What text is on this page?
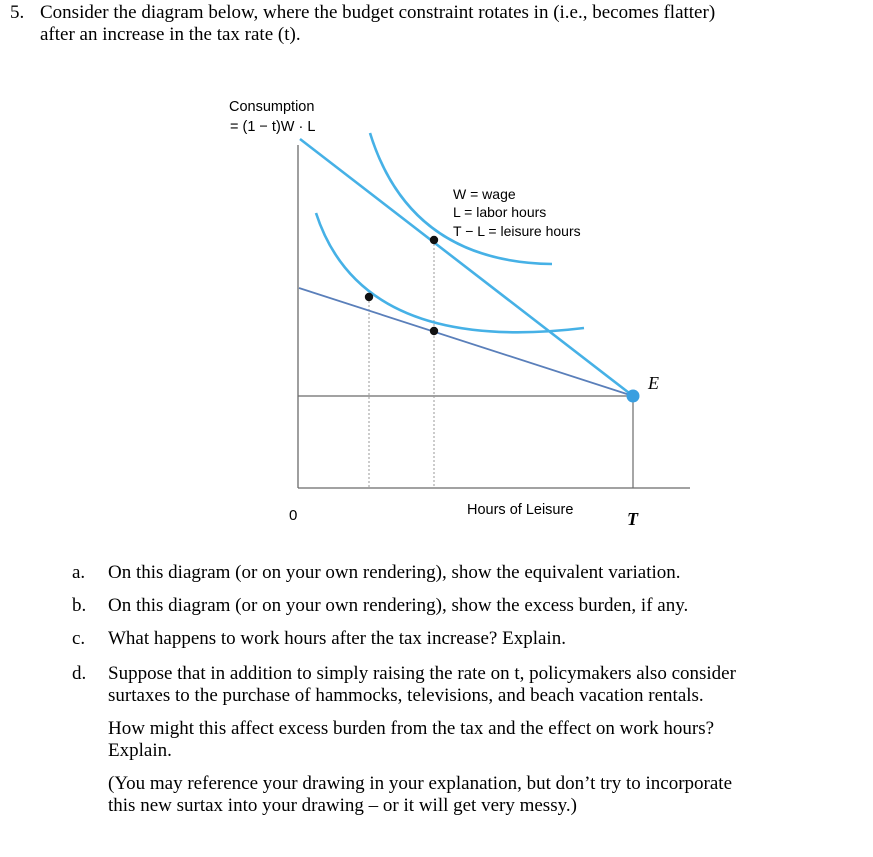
5. Consider the diagram below, where the budget constraint rotates in (i.e., becomes flatter)
after an increase in the tax rate (t).
Consumption
= (1 − t)W · L
W = wage
L = labor hours
T − L = leisure hours
E
0	Hours of Leisure	T
a. On this diagram (or on your own rendering), show the equivalent variation.
b. On this diagram (or on your own rendering), show the excess burden, if any.
c. What happens to work hours after the tax increase? Explain.
d. Suppose that in addition to simply raising the rate on t, policymakers also consider
surtaxes to the purchase of hammocks, televisions, and beach vacation rentals.
How might this affect excess burden from the tax and the effect on work hours?
Explain.
(You may reference your drawing in your explanation, but don’t try to incorporate
this new surtax into your drawing – or it will get very messy.)
